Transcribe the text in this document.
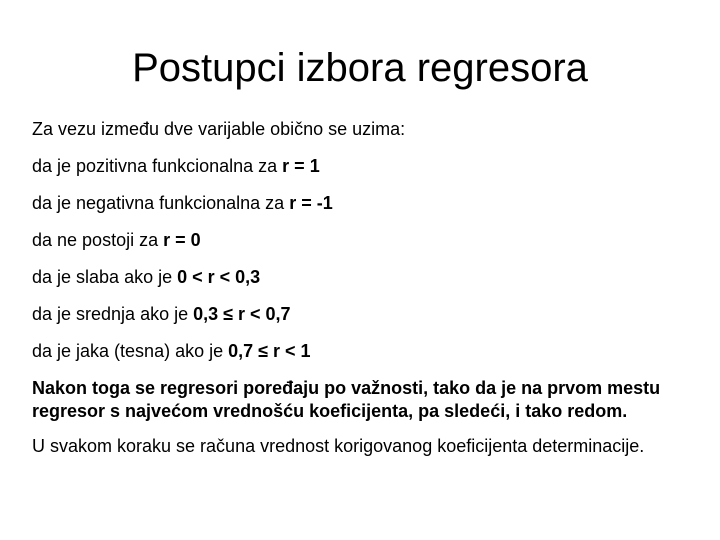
Postupci izbora regresora

Za vezu između dve varijable obično se uzima:

da je pozitivna funkcionalna za r = 1

da je negativna funkcionalna za r = -1

da ne postoji za r = 0

da je slaba ako je 0 < r < 0,3

da je srednja ako je 0,3 ≤ r < 0,7

da je jaka (tesna) ako je 0,7 ≤ r < 1

Nakon toga se regresori poređaju po važnosti, tako da je na prvom mestu regresor s najvećom vrednošću koeficijenta, pa sledeći, i tako redom.

U svakom koraku se računa vrednost korigovanog koeficijenta determinacije.
